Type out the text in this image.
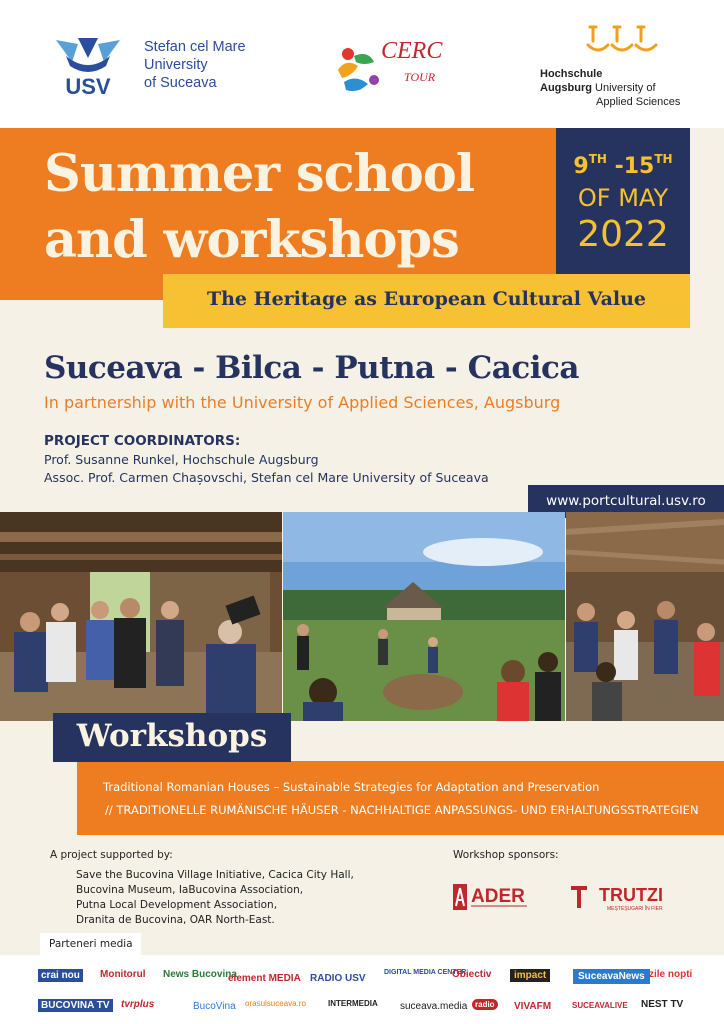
USV
Stefan cel Mare
University
of Suceava
CERC
TOUR	Hochschule
Augsburg University of
Applied Sciences
Summer school
and workshops
9TH -15TH
OF MAY
2022
The Heritage as European Cultural Value
Suceava - Bilca - Putna - Cacica
In partnership with the University of Applied Sciences, Augsburg
PROJECT COORDINATORS:
Prof. Susanne Runkel, Hochschule Augsburg
Assoc. Prof. Carmen Chașovschi, Stefan cel Mare University of Suceava
www.portcultural.usv.ro
Traditional Romanian Houses – Sustainable Strategies for Adaptation and Preservation
// TRADITIONELLE RUMÄNISCHE HÄUSER - NACHHALTIGE ANPASSUNGS- UND ERHALTUNGSSTRATEGIEN
Workshops
A project supported by:
Save the Bucovina Village Initiative, Cacica City Hall,
Bucovina Museum, IaBucovina Association,
Putna Local Development Association,
Dranita de Bucovina, OAR North-East.
Workshop sponsors:
ADER	TRUTZI
MEȘTEȘUGARI ÎN FIER
Parteneri media
crai nou	Monitorul News Bucovina
element MEDIA RADIO USV
DIGITAL MEDIA CENTER
Obiectiv	impact	SuceavaNews zile nopti
BUCOVINA TV	tvrplus	BucoVina orasulsuceava.ro	INTERMEDIA suceava.media radio	VIVAFM	SUCEAVALIVE NEST TV
